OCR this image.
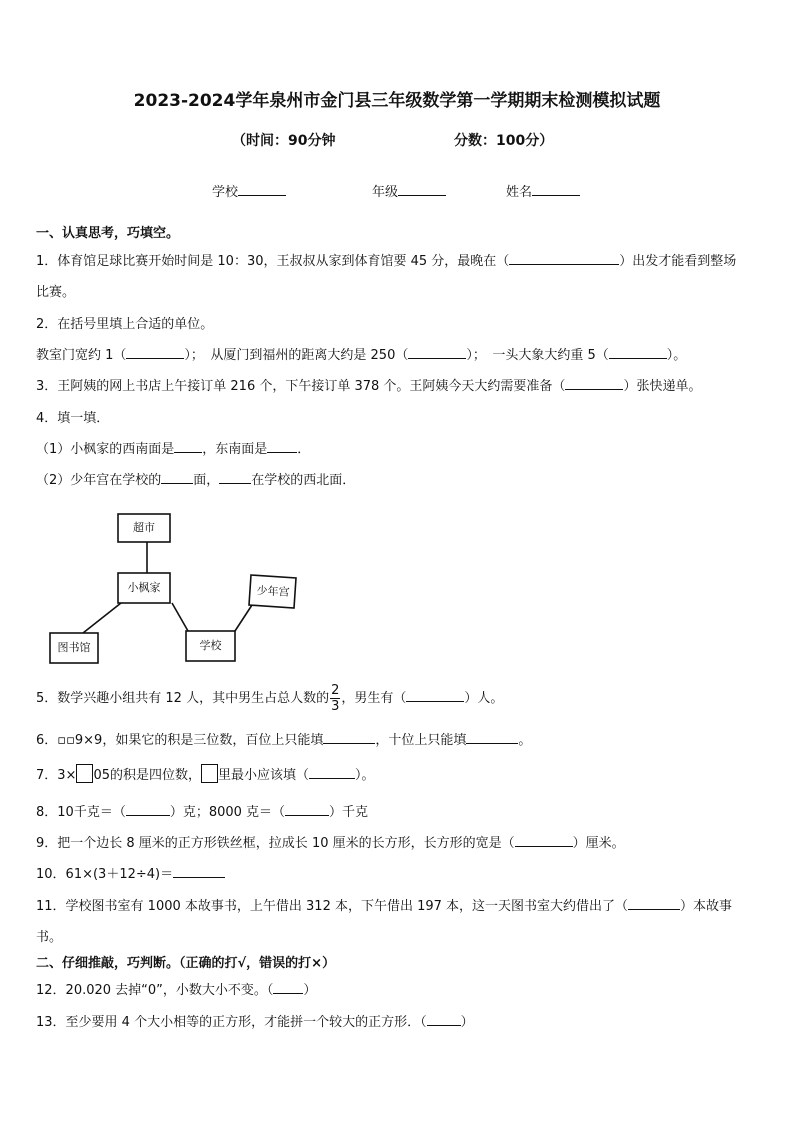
2023-2024学年泉州市金门县三年级数学第一学期期末检测模拟试题
（时间：90分钟	分数：100分）
学校	年级	姓名
一、认真思考，巧填空。
1．体育馆足球比赛开始时间是 10：30，王叔叔从家到体育馆要 45 分，最晚在（	）出发才能看到整场
比赛。
2．在括号里填上合适的单位。
教室门宽约 1（	）；　从厦门到福州的距离大约是 250（	）；　一头大象大约重 5（	）。
3．王阿姨的网上书店上午接订单 216 个，下午接订单 378 个。王阿姨今天大约需要准备（	）张快递单。
4．填一填．
（1）小枫家的西南面是 ，东南面是 ．
（2）少年宫在学校的 面， 在学校的西北面．
超市
小枫家	少年宫
图书馆	学校
5．数学兴趣小组共有 12 人，其中男生占总人数的 $\frac{2}{3}$ ，男生有（	）人。
6．▫▫9×9，如果它的积是三位数，百位上只能填	，十位上只能填	。
7．3× 05的积是四位数， 里最小应该填（	）。
8．10千克＝（	）克；8000 克＝（	）千克
9．把一个边长 8 厘米的正方形铁丝框，拉成长 10 厘米的长方形，长方形的宽是（	）厘米。
10．61×(3＋12÷4)＝
11．学校图书室有 1000 本故事书，上午借出 312 本，下午借出 197 本，这一天图书室大约借出了（	）本故事
书。
二、仔细推敲，巧判断。（正确的打√，错误的打×）
12．20.020 去掉“0”，小数大小不变。（ ）
13．至少要用 4 个大小相等的正方形，才能拼一个较大的正方形．（	）
